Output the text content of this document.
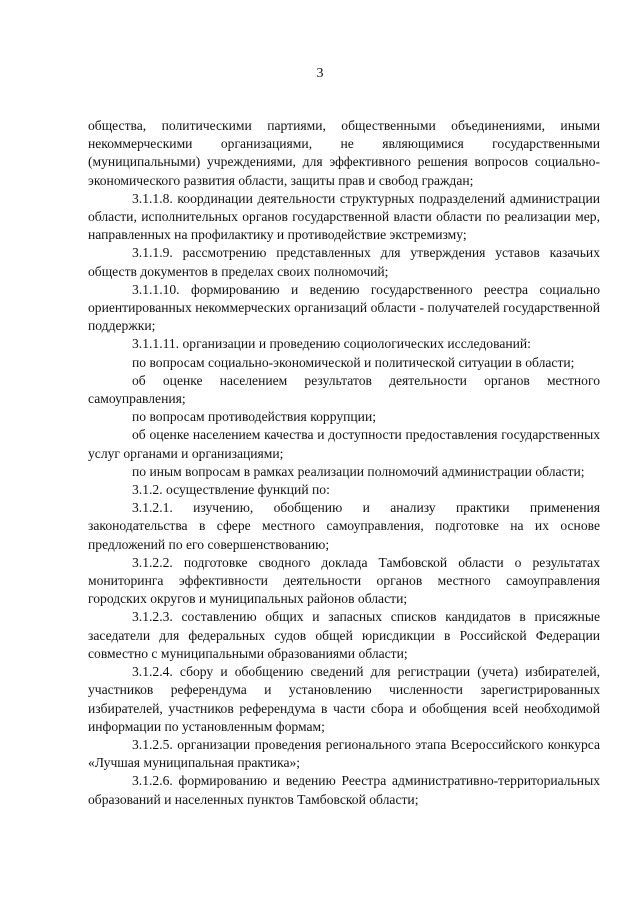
3

общества, политическими партиями, общественными объединениями, иными некоммерческими организациями, не являющимися государственными (муниципальными) учреждениями, для эффективного решения вопросов социально-экономического развития области, защиты прав и свобод граждан;

3.1.1.8. координации деятельности структурных подразделений администрации области, исполнительных органов государственной власти области по реализации мер, направленных на профилактику и противодействие экстремизму;

3.1.1.9. рассмотрению представленных для утверждения уставов казачьих обществ документов в пределах своих полномочий;

3.1.1.10. формированию и ведению государственного реестра социально ориентированных некоммерческих организаций области - получателей государственной поддержки;

3.1.1.11. организации и проведению социологических исследований:

по вопросам социально-экономической и политической ситуации в области;

об оценке населением результатов деятельности органов местного самоуправления;

по вопросам противодействия коррупции;

об оценке населением качества и доступности предоставления государственных услуг органами и организациями;

по иным вопросам в рамках реализации полномочий администрации области;

3.1.2. осуществление функций по:

3.1.2.1. изучению, обобщению и анализу практики применения законодательства в сфере местного самоуправления, подготовке на их основе предложений по его совершенствованию;

3.1.2.2. подготовке сводного доклада Тамбовской области о результатах мониторинга эффективности деятельности органов местного самоуправления городских округов и муниципальных районов области;

3.1.2.3. составлению общих и запасных списков кандидатов в присяжные заседатели для федеральных судов общей юрисдикции в Российской Федерации совместно с муниципальными образованиями области;

3.1.2.4. сбору и обобщению сведений для регистрации (учета) избирателей, участников референдума и установлению численности зарегистрированных избирателей, участников референдума в части сбора и обобщения всей необходимой информации по установленным формам;

3.1.2.5. организации проведения регионального этапа Всероссийского конкурса «Лучшая муниципальная практика»;

3.1.2.6. формированию и ведению Реестра административно-территориальных образований и населенных пунктов Тамбовской области;
